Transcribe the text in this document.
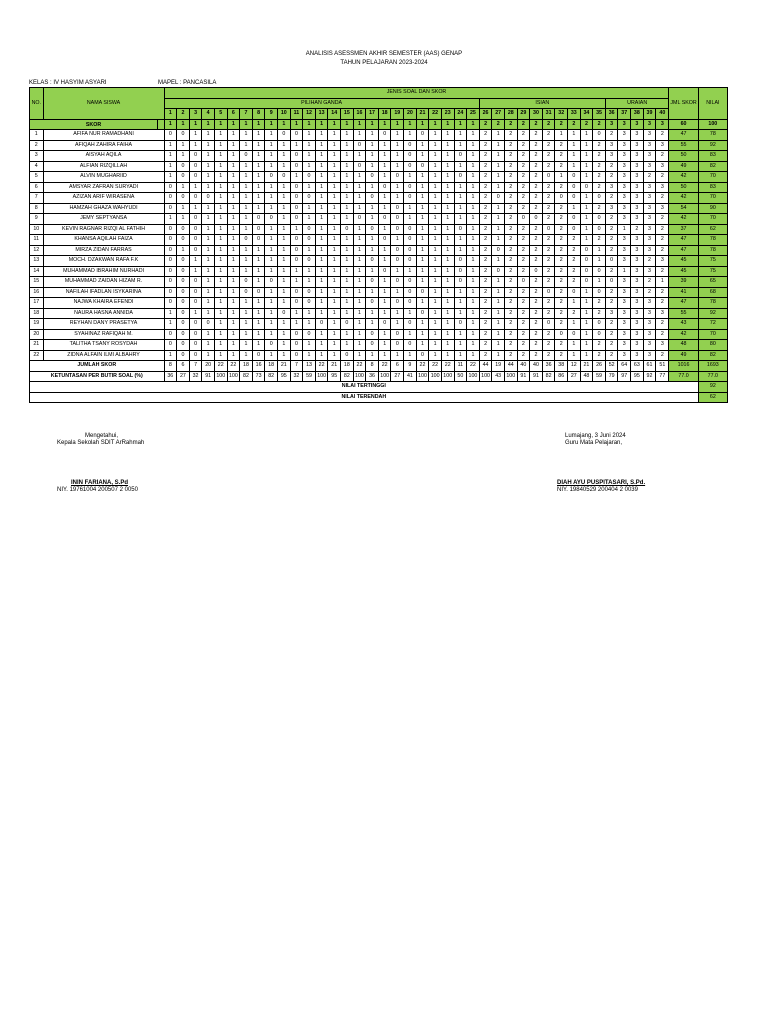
ANALISIS ASESSMEN AKHIR SEMESTER (AAS) GENAP
TAHUN PELAJARAN 2023-2024
KELAS : IV HASYIM ASYARI	MAPEL : PANCASILA
NO.	NAMA SISWA	JENIS SOAL DAN SKOR																																								JML SKOR	NILAI
		PILIHAN GANDA																									ISIAN										URAIAN						
		1	2	3	4	5	6	7	8	9	10	11	12	13	14	15	16	17	18	19	20	21	22	23	24	25	26	27	28	29	30	31	32	33	34	35	36	37	38	39	40		
		1	1	1	1	1	1	1	1	1	1	1	1	1	1	1	1	1	1	1	1	1	1	1	1	1	2	2	2	2	2	2	2	2	2	2	3	3	3	3	3	60	100
1	AFIFA NUR RAMADHANI	0	0	1	1	1	1	1	1	1	0	0	1	1	1	1	1	1	0	1	1	0	1	1	1	1	2	1	2	2	2	2	1	1	1	0	2	3	3	3	2	47	78
2	AFIQAH ZAHIRA FAIHA	1	1	1	1	1	1	1	1	1	1	1	1	1	1	1	0	1	1	1	0	1	1	1	1	1	2	1	2	2	2	2	2	1	1	2	3	3	3	3	3	55	92
3	AISYAH AQILA	1	1	0	1	1	1	0	1	1	1	0	1	1	1	1	1	1	1	1	0	1	1	1	0	1	2	1	2	2	2	2	2	1	1	2	3	3	3	3	2	50	83
4	ALFIAN RIZQILLAH	1	0	0	1	1	1	1	1	1	1	0	1	1	1	1	0	1	1	1	0	0	1	1	1	1	2	1	2	2	2	2	2	1	1	2	2	3	3	3	3	49	82
5	ALVIN MUGHARIID	1	0	0	1	1	1	1	1	0	0	1	0	1	1	1	1	0	1	0	1	1	1	1	0	1	2	1	2	2	2	0	1	0	1	2	2	3	3	2	2	42	70
6	AMSYAR ZAFRAN SURYADI	0	1	1	1	1	1	1	1	1	1	0	1	1	1	1	1	1	0	1	0	1	1	1	1	1	2	1	2	2	2	2	2	0	0	2	3	3	3	3	3	50	83
7	AZIZAN ARIF WIRASENA	0	0	0	0	1	1	1	1	1	1	0	0	1	1	1	1	0	1	1	0	1	1	1	1	1	2	0	2	2	2	2	0	0	1	0	2	3	3	3	2	42	70
8	HAMZAH GHAZA WAHYUDI	0	1	1	1	1	1	1	1	1	1	0	1	1	1	1	1	1	1	0	1	1	1	1	1	1	2	1	2	2	2	2	2	1	1	2	3	3	3	3	3	54	90
9	JEMY SEPTYANSA	1	1	0	1	1	1	1	0	0	1	0	1	1	1	1	0	1	0	0	1	1	1	1	1	1	2	1	2	0	0	2	2	0	1	0	2	3	3	3	2	42	70
10	KEVIN RAGNAR RIZQI AL FATHIH	0	0	0	1	1	1	1	0	1	1	1	0	1	1	0	1	0	1	0	0	1	1	1	0	1	2	1	2	2	2	0	2	0	1	0	2	1	2	3	2	37	62
11	KHANSA AQILAH FAIZA	0	0	0	1	1	1	0	0	1	1	0	0	1	1	1	1	1	0	1	0	1	1	1	1	1	2	1	2	2	2	2	2	2	1	2	2	3	3	3	2	47	78
12	MIRZA ZIDAN FARRAS	0	1	0	1	1	1	1	1	1	1	0	1	1	1	1	1	1	1	0	0	1	1	1	1	1	2	0	2	2	2	2	2	2	0	1	2	3	3	3	2	47	78
13	MOCH. DZAKWAN RAFA F.K	0	0	1	1	1	1	1	1	1	1	0	0	1	1	1	1	0	1	0	0	1	1	1	0	1	2	1	2	2	2	2	2	2	0	1	0	3	3	2	3	45	75
14	MUHAMMAD IBRAHIM NURHADI	0	0	1	1	1	1	1	1	1	1	1	1	1	1	1	1	1	0	1	1	1	1	1	0	1	2	0	2	2	0	2	2	2	0	0	2	1	3	3	2	45	75
15	MUHAMMAD ZAIDAN HIZAM R.	0	0	0	1	1	1	0	1	0	1	1	1	1	1	1	1	0	1	0	0	1	1	1	0	1	2	1	2	0	2	2	2	2	0	1	0	3	3	2	1	39	65
16	NAFILAH IFADLAN ISYKARINA	0	0	0	1	1	1	0	0	1	1	0	0	1	1	1	1	1	1	1	0	0	1	1	1	1	2	1	2	2	2	0	2	0	1	0	2	3	3	2	2	41	68
17	NAJWA KHAIRA EFENDI	0	0	0	1	1	1	1	1	1	1	0	0	1	1	1	1	0	1	0	0	1	1	1	1	1	2	1	2	2	2	2	2	1	1	2	2	3	3	3	2	47	78
18	NAURA HASNA ANNIDA	1	0	1	1	1	1	1	1	1	0	1	1	1	1	1	1	1	1	1	1	0	1	1	1	1	2	1	2	2	2	2	2	2	1	2	3	3	3	3	3	55	92
19	REYHAN DANY PRASETYA	1	0	0	0	1	1	1	1	1	1	1	1	0	1	0	1	1	0	1	0	1	1	1	0	1	2	1	2	2	2	0	2	1	1	0	2	3	3	3	2	43	72
20	SYAHINAZ RAFIQAH M.	0	0	0	1	1	1	1	1	1	1	0	0	1	1	1	1	0	1	0	1	1	1	1	1	1	2	1	2	2	2	2	0	0	1	0	2	3	3	3	2	42	70
21	TALITHA TSANY ROSYDAH	0	0	0	1	1	1	1	1	0	1	0	1	1	1	1	1	0	1	0	0	1	1	1	1	1	2	1	2	2	2	2	2	1	1	2	2	3	3	3	3	48	80
22	ZIDNA ALFAIN ILMI ALBAHRY	1	0	0	1	1	1	1	0	1	1	0	1	1	1	0	1	1	1	1	1	0	1	1	1	1	2	1	2	2	2	2	2	1	1	2	2	3	3	3	2	49	82
JUMLAH SKOR		8	6	7	20	22	22	18	16	18	21	7	13	22	21	18	22	8	22	6	9	22	22	22	11	22	44	19	44	40	40	36	38	12	21	26	52	64	63	61	51	1016	1693
KETUNTASAN PER BUTIR SOAL (%)		36	27	32	91	100	100	82	73	82	95	32	59	100	95	82	100	36	100	27	41	100	100	100	50	100	100	43	100	91	91	82	86	27	48	59	79	97	95	92	77	77.0	77.0
NILAI TERTINGGI																																											92
NILAI TERENDAH																																											62
Mengetahui,
Kepala Sekolah SDIT ArRahmah
ININ FARIANA, S.Pd
NIY. 19761004 200507 2 0050
Lumajang, 3 Juni 2024
Guru Mata Pelajaran,
DIAH AYU PUSPITASARI, S.Pd.
NIY. 19840529 200404 2 0039
SKOR
